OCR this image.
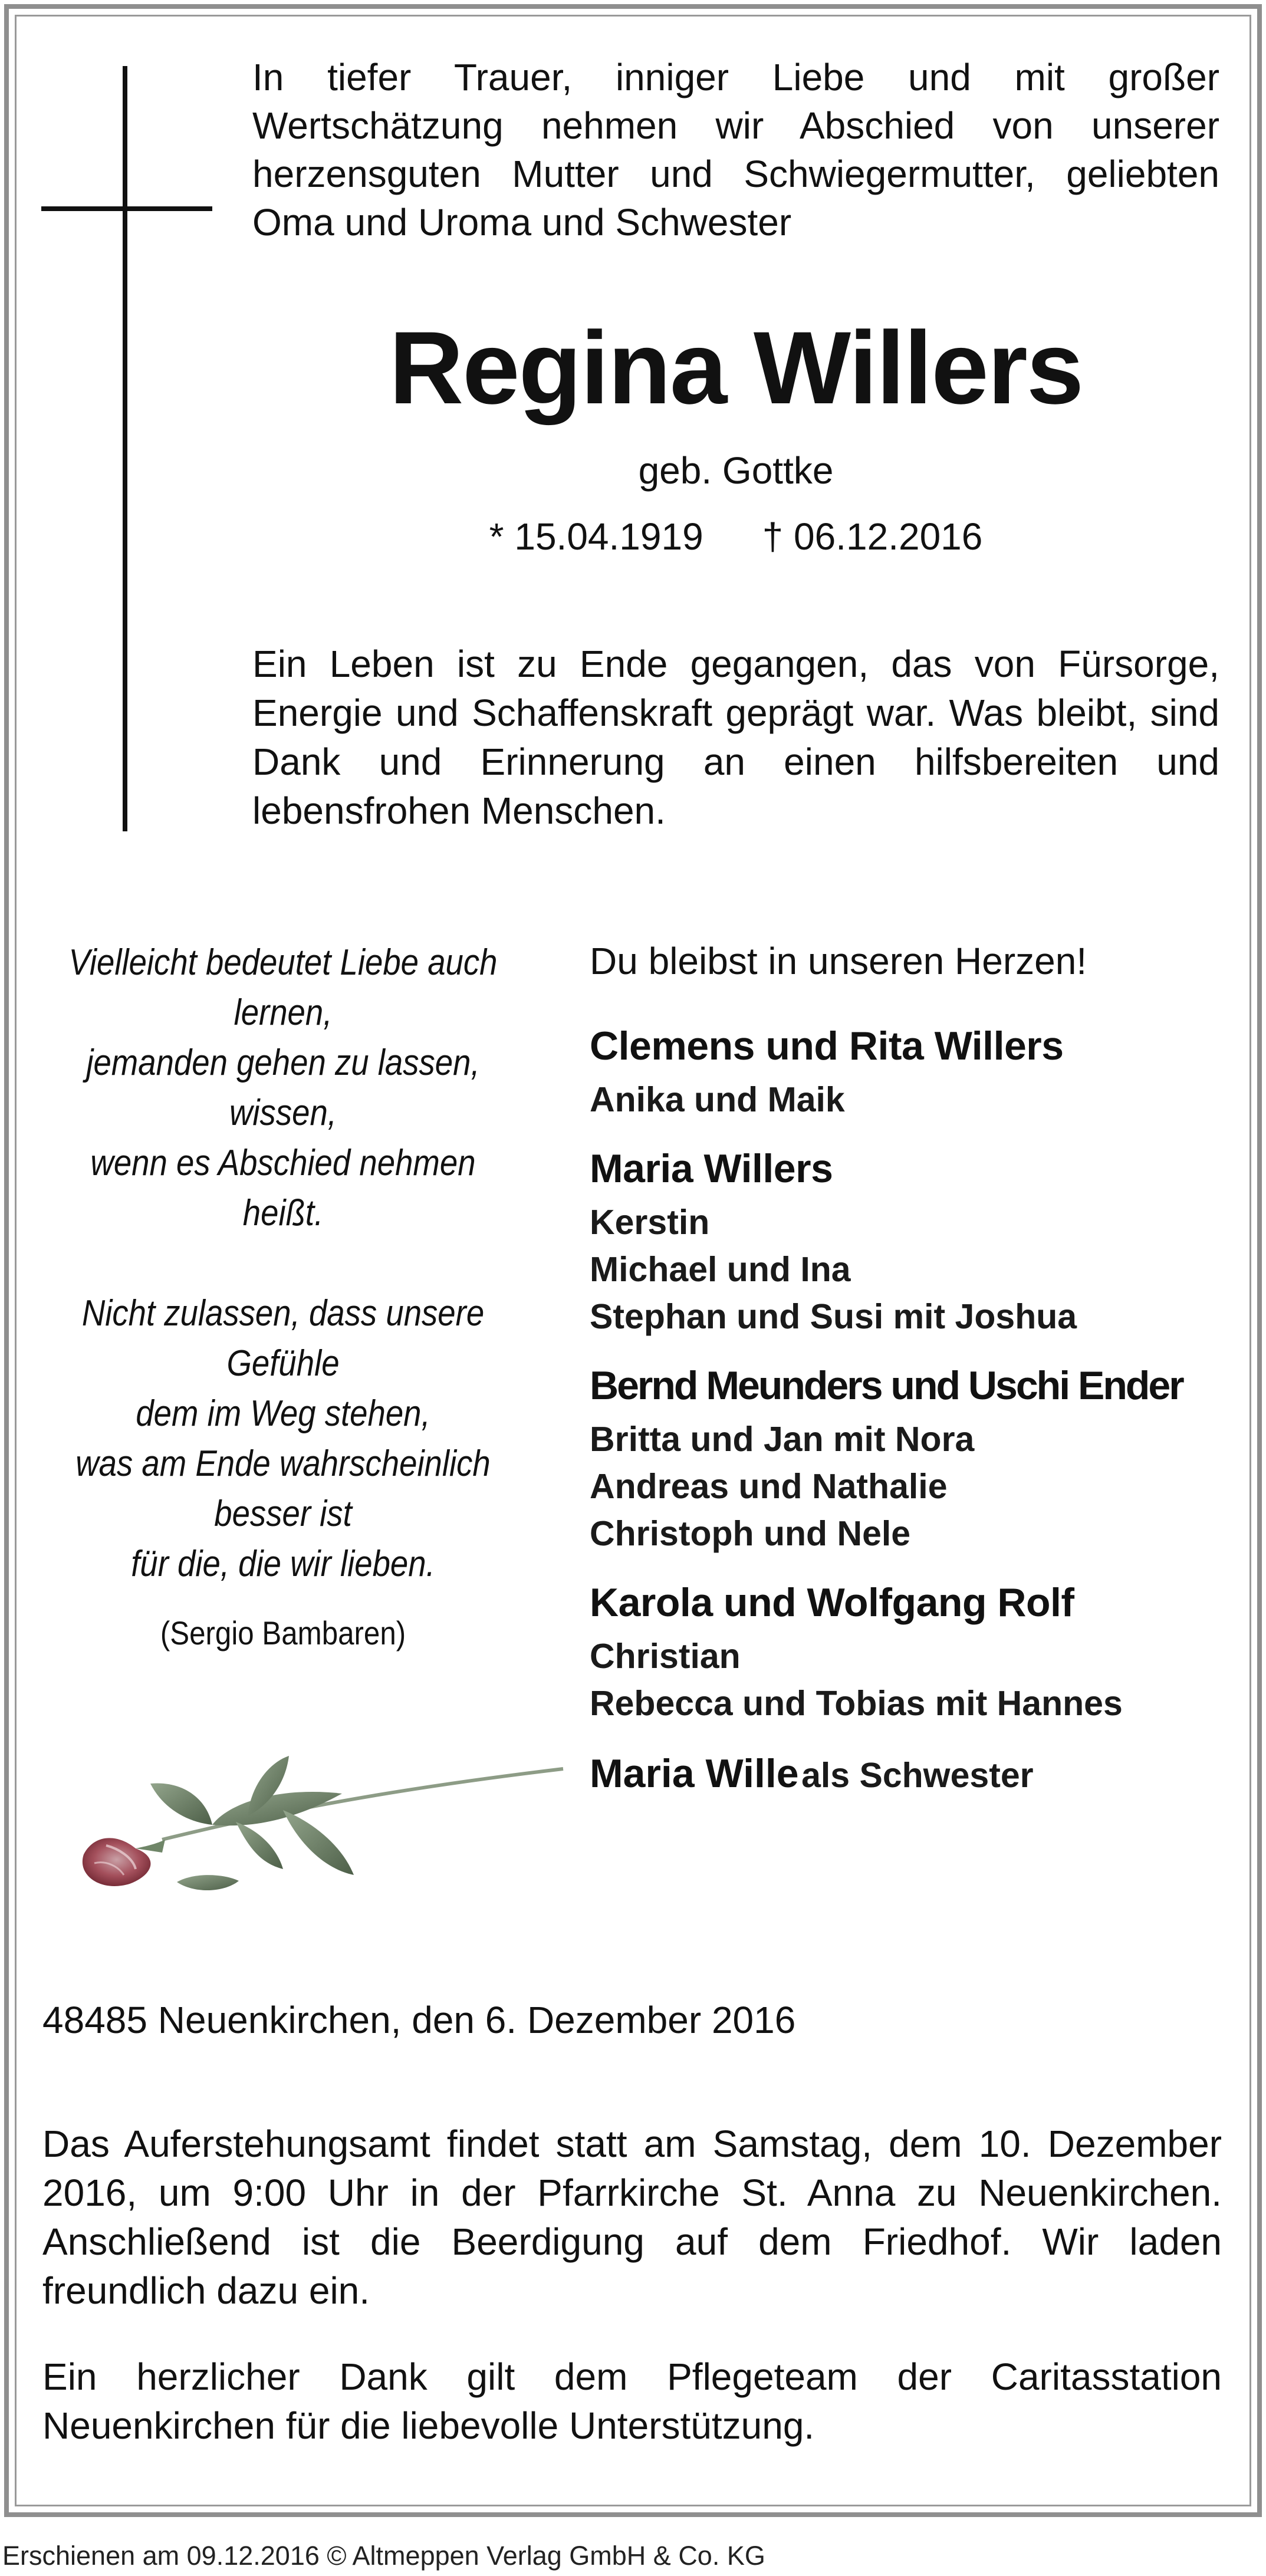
In tiefer Trauer, inniger Liebe und mit großer Wertschätzung nehmen wir Abschied von unserer herzensguten Mutter und Schwiegermutter, geliebten Oma und Uroma und Schwester

Regina Willers

geb. Gottke

* 15.04.1919 † 06.12.2016

Ein Leben ist zu Ende gegangen, das von Fürsorge, Energie und Schaffenskraft geprägt war. Was bleibt, sind Dank und Erinnerung an einen hilfsbereiten und lebensfrohen Menschen.

Vielleicht bedeutet Liebe auch
lernen,
jemanden gehen zu lassen,
wissen,
wenn es Abschied nehmen
heißt.
Nicht zulassen, dass unsere
Gefühle
dem im Weg stehen,
was am Ende wahrscheinlich
besser ist
für die, die wir lieben.
(Sergio Bambaren)

Du bleibst in unseren Herzen!

Clemens und Rita Willers

Anika und Maik

Maria Willers

Kerstin

Michael und Ina

Stephan und Susi mit Joshua

Bernd Meunders und Uschi Ender

Britta und Jan mit Nora

Andreas und Nathalie

Christoph und Nele

Karola und Wolfgang Rolf

Christian

Rebecca und Tobias mit Hannes

Maria Wille als Schwester

48485 Neuenkirchen, den 6. Dezember 2016

Das Auferstehungsamt findet statt am Samstag, dem 10. Dezember 2016, um 9:00 Uhr in der Pfarrkirche St. Anna zu Neuenkirchen. Anschließend ist die Beerdigung auf dem Friedhof. Wir laden freundlich dazu ein.

Ein herzlicher Dank gilt dem Pflegeteam der Caritasstation Neuenkirchen für die liebevolle Unterstützung.

Erschienen am 09.12.2016 © Altmeppen Verlag GmbH & Co. KG
